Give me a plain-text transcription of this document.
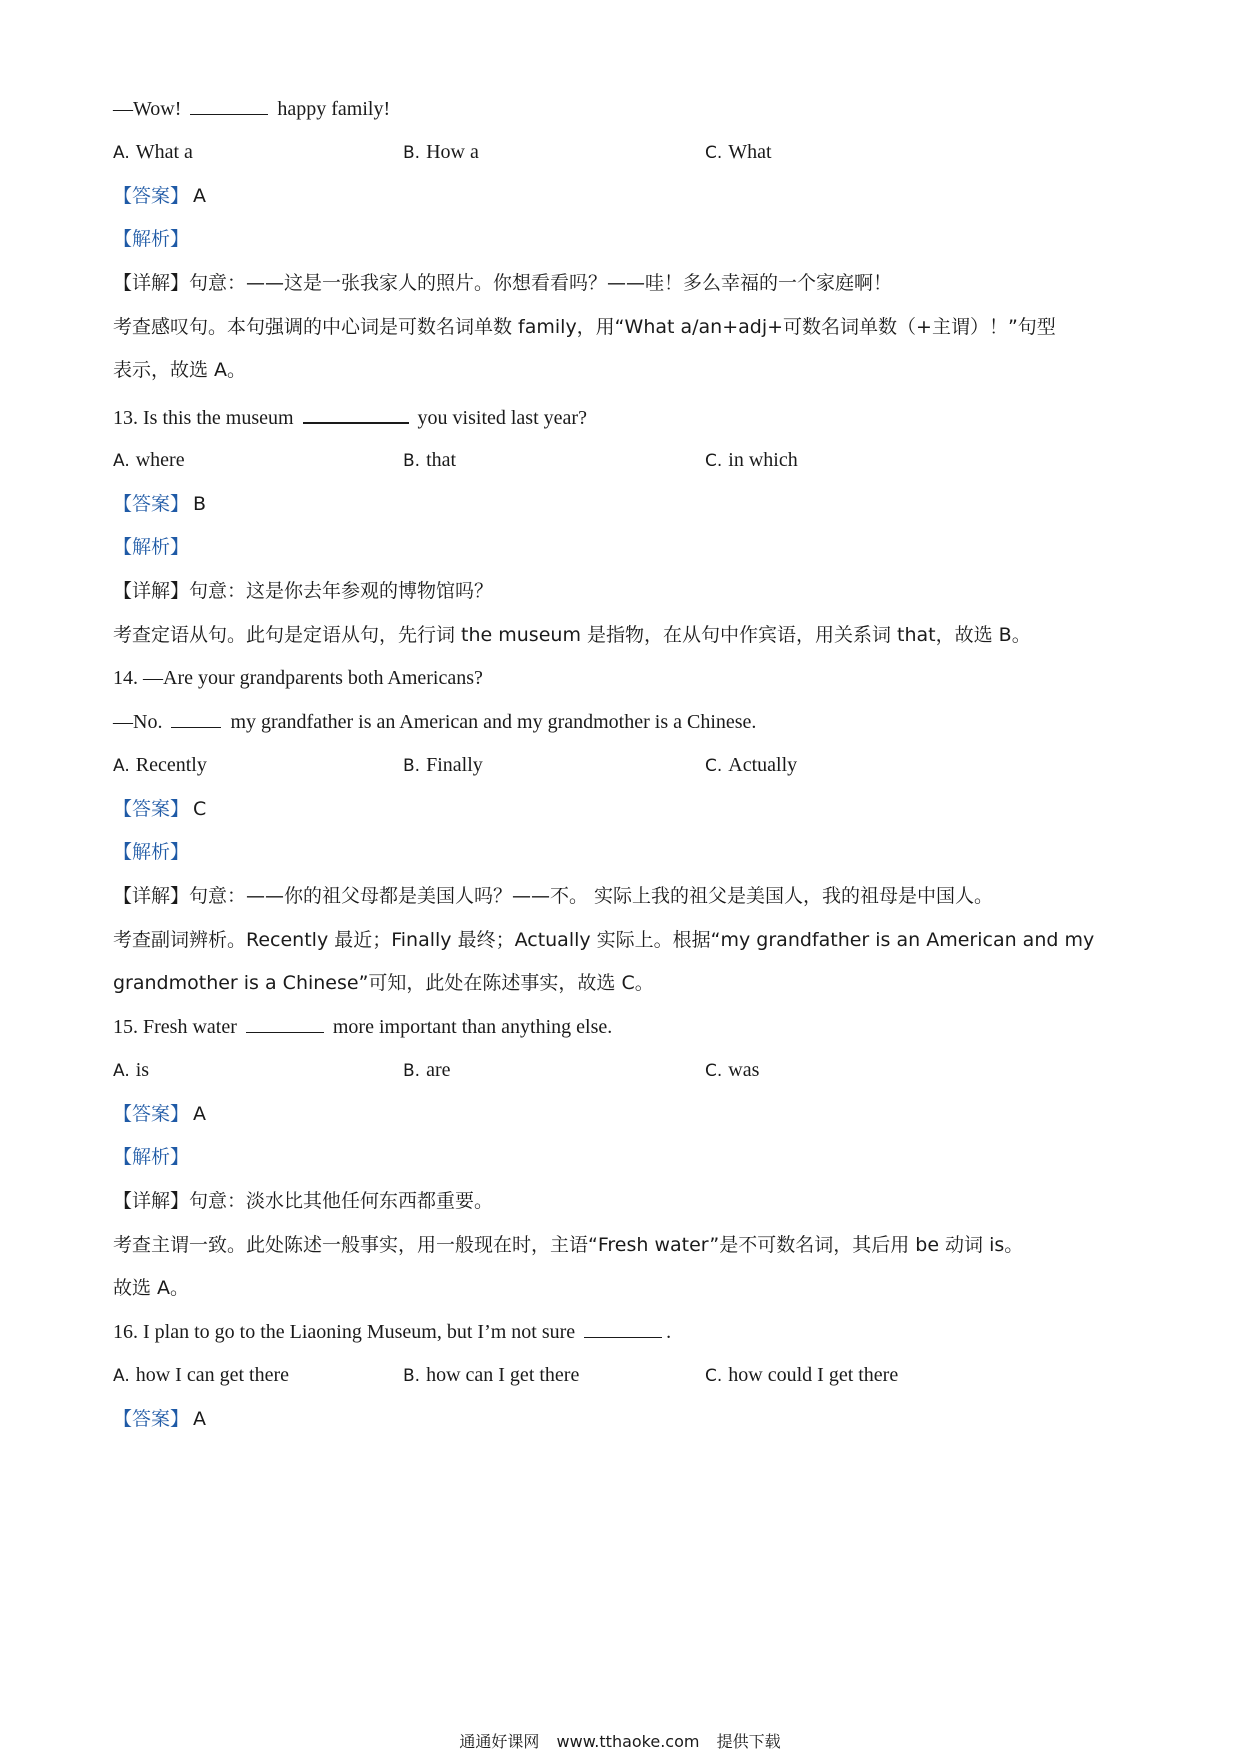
—Wow!	happy family!
A. What a	B. How a	C. What
【答案】 A
【解析】
【详解】句意：——这是一张我家人的照片。你想看看吗？——哇！多么幸福的一个家庭啊！
考查感叹句。本句强调的中心词是可数名词单数 family，用“What a/an+adj+可数名词单数（+主谓）！”句型
表示，故选 A。
13. Is this the museum	you visited last year?
A. where	B. that	C. in which
【答案】 B
【解析】
【详解】句意：这是你去年参观的博物馆吗？
考查定语从句。此句是定语从句，先行词 the museum 是指物，在从句中作宾语，用关系词 that，故选 B。
14. —Are your grandparents both Americans?
—No.	my grandfather is an American and my grandmother is a Chinese.
A. Recently	B. Finally	C. Actually
【答案】 C
【解析】
【详解】句意：——你的祖父母都是美国人吗？——不。 实际上我的祖父是美国人，我的祖母是中国人。
考查副词辨析。Recently 最近；Finally 最终；Actually 实际上。根据“my grandfather is an American and my
grandmother is a Chinese”可知，此处在陈述事实，故选 C。
15. Fresh water	more important than anything else.
A. is	B. are	C. was
【答案】 A
【解析】
【详解】句意：淡水比其他任何东西都重要。
考查主谓一致。此处陈述一般事实，用一般现在时，主语“Fresh water”是不可数名词，其后用 be 动词 is。
故选 A。
16. I plan to go to the Liaoning Museum, but I’m not sure	.
A. how I can get there	B. how can I get there	C. how could I get there
【答案】 A
通通好课网 www.tthaoke.com 提供下载
